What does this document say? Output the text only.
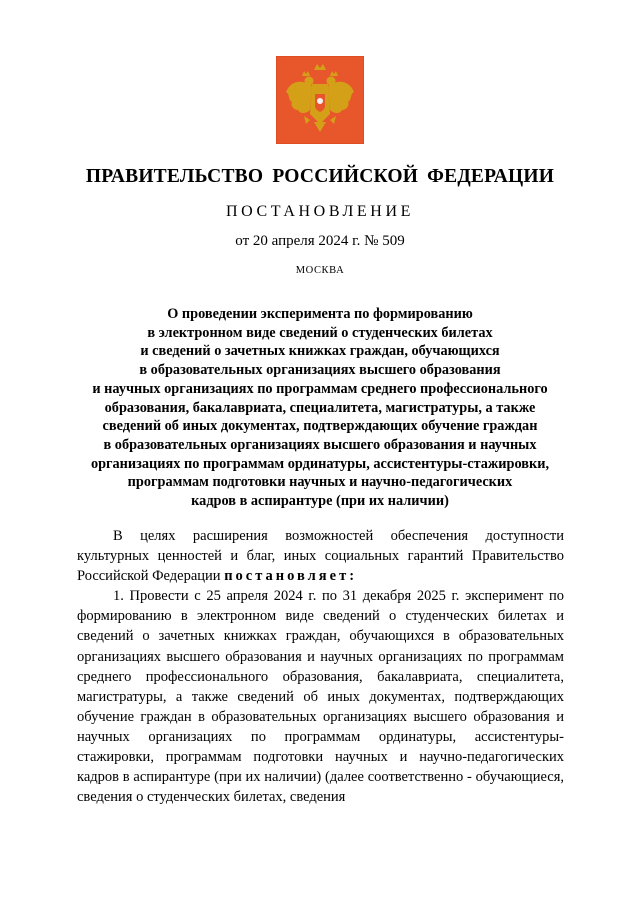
ПРАВИТЕЛЬСТВО РОССИЙСКОЙ ФЕДЕРАЦИИ
ПОСТАНОВЛЕНИЕ
от 20 апреля 2024 г. № 509
МОСКВА
О проведении эксперимента по формированию
в электронном виде сведений о студенческих билетах
и сведений о зачетных книжках граждан, обучающихся
в образовательных организациях высшего образования
и научных организациях по программам среднего профессионального
образования, бакалавриата, специалитета, магистратуры, а также
сведений об иных документах, подтверждающих обучение граждан
в образовательных организациях высшего образования и научных
организациях по программам ординатуры, ассистентуры-стажировки,
программам подготовки научных и научно-педагогических
кадров в аспирантуре (при их наличии)

В целях расширения возможностей обеспечения доступности культурных ценностей и благ, иных социальных гарантий Правительство Российской Федерации постановляет:

1. Провести с 25 апреля 2024 г. по 31 декабря 2025 г. эксперимент по формированию в электронном виде сведений о студенческих билетах и сведений о зачетных книжках граждан, обучающихся в образовательных организациях высшего образования и научных организациях по программам среднего профессионального образования, бакалавриата, специалитета, магистратуры, а также сведений об иных документах, подтверждающих обучение граждан в образовательных организациях высшего образования и научных организациях по программам ординатуры, ассистентуры-стажировки, программам подготовки научных и научно-педагогических кадров в аспирантуре (при их наличии) (далее соответственно - обучающиеся, сведения о студенческих билетах, сведения
